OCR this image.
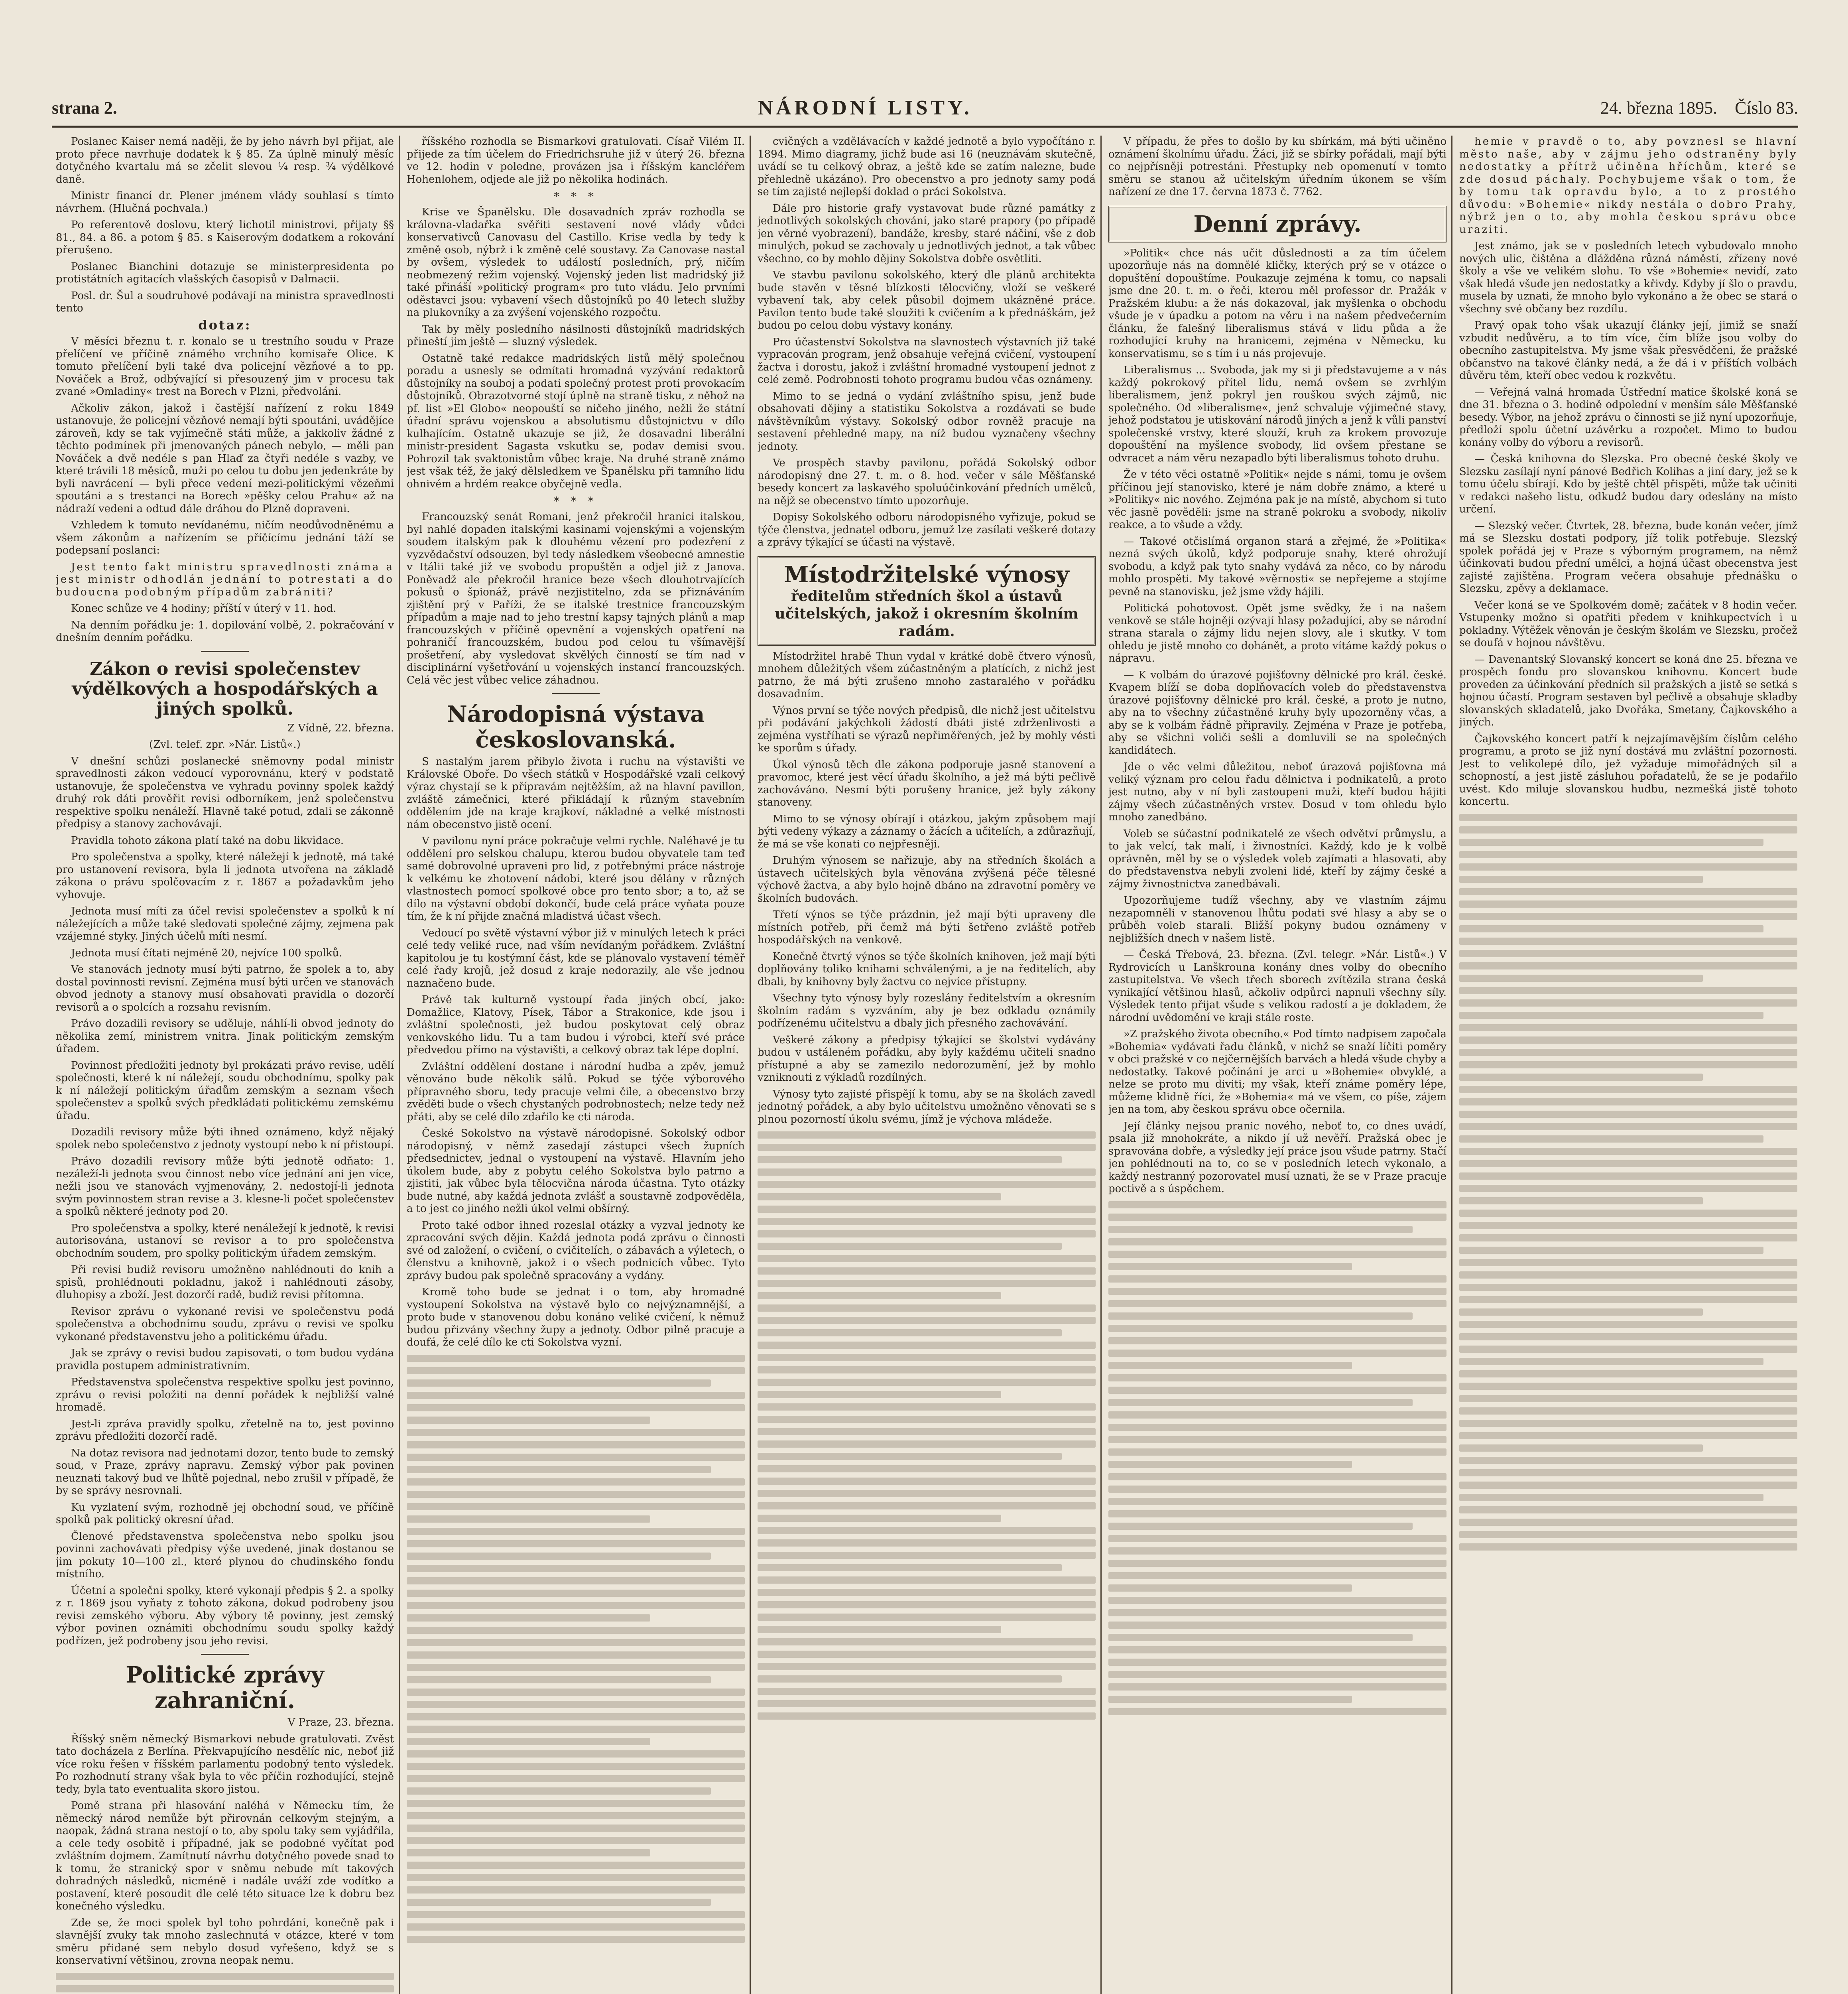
strana 2.	NÁRODNÍ LISTY.	24. března 1895. Číslo 83.

Poslanec Kaiser nemá naději, že by jeho návrh byl přijat, ale proto přece navrhuje dodatek k § 85. Za úplně minulý měsíc dotyčného kvartalu má se zčelit slevou ¼ resp. ¾ výdělkové daně.

Ministr financí dr. Plener jménem vlády souhlasí s tímto návrhem. (Hlučná pochvala.)

Po referentově doslovu, který lichotil ministrovi, přijaty §§ 81., 84. a 86. a potom § 85. s Kaiserovým dodatkem a rokování přerušeno.

Poslanec Bianchini dotazuje se ministerpresidenta po protistátních agitacích vlašských časopisů v Dalmacii.

Posl. dr. Šul a soudruhové podávají na ministra spravedlnosti tento

dotaz:

V měsíci březnu t. r. konalo se u trestního soudu v Praze přelíčení ve příčině známého vrchního komisaře Olice. K tomuto přelíčení byli také dva policejní vězňové a to pp. Nováček a Brož, odbývající si přesouzený jim v procesu tak zvané »Omladiny« trest na Borech v Plzni, předvoláni.

Ačkoliv zákon, jakož i častější nařízení z roku 1849 ustanovuje, že policejní vězňové nemají býti spoutáni, uvádějíce zároveň, kdy se tak vyjímečně státi může, a jakkoliv žádné z těchto podmínek při jmenovaných pánech nebylo, — měli pan Nováček a dvě nedéle s pan Hlaď za čtyři nedéle s vazby, ve které trávili 18 měsíců, muži po celou tu dobu jen jedenkráte by byli navrácení — byli přece vedení mezi-politickými vězeňmi spoutáni a s trestanci na Borech »pěšky celou Prahu« až na nádraží vedeni a odtud dále dráhou do Plzně dopraveni.

Vzhledem k tomuto nevídanému, ničím neodůvodněnému a všem zákonům a nařízením se příčícímu jednání táží se podepsaní poslanci:

Jest tento fakt ministru spravedlnosti známa a jest ministr odhodlán jednání to potrestati a do budoucna podobným případům zabrániti?

Konec schůze ve 4 hodiny; příští v úterý v 11. hod.

Na denním pořádku je: 1. dopilování volbě, 2. pokračování v dnešním denním pořádku.

Zákon o revisi společenstev výdělkových a hospodářských a jiných spolků.

Z Vídně, 22. března.

(Zvl. telef. zpr. »Nár. Listů«.)

V dnešní schůzi poslanecké sněmovny podal ministr spravedlnosti zákon vedoucí vyporovnánu, který v podstatě ustanovuje, že společenstva ve vyhradu povinny spolek každý druhý rok dáti prověřit revisi odborníkem, jenž společenstvu respektive spolku nenáleží. Hlavně také potud, zdali se zákonně předpisy a stanovy zachovávají.

Pravidla tohoto zákona platí také na dobu likvidace.

Pro společenstva a spolky, které náležejí k jednotě, má také pro ustanovení revisora, byla li jednota utvořena na základě zákona o právu spolčovacím z r. 1867 a požadavkům jeho vyhovuje.

Jednota musí míti za účel revisi společenstev a spolků k ní náležejících a může také sledovati společné zájmy, zejmena pak vzájemné styky. Jiných účelů míti nesmí.

Jednota musí čítati nejméně 20, nejvíce 100 spolků.

Ve stanovách jednoty musí býti patrno, že spolek a to, aby dostal povinnosti revisní. Zejména musí býti určen ve stanovách obvod jednoty a stanovy musí obsahovati pravidla o dozorčí revisorů a o spolcích a rozsahu revisním.

Právo dozadili revisory se uděluje, náhlí-li obvod jednoty do několika zemí, ministrem vnitra. Jinak politickým zemským úřadem.

Povinnost předložiti jednoty byl prokázati právo revise, udělí společnosti, které k ní náležejí, soudu obchodnímu, spolky pak k ní náležejí politickým úřadům zemským a seznam všech společenstev a spolků svých předkládati politickému zemskému úřadu.

Dozadili revisory může býti ihned oznámeno, když nějaký spolek nebo společenstvo z jednoty vystoupí nebo k ní přistoupí.

Právo dozadili revisory může býti jednotě odňato: 1. nezáleží-li jednota svou činnost nebo více jednání ani jen více, nežli jsou ve stanovách vyjmenovány, 2. nedostojí-li jednota svým povinnostem stran revise a 3. klesne-li počet společenstev a spolků některé jednoty pod 20.

Pro společenstva a spolky, které nenáležejí k jednotě, k revisi autorisována, ustanoví se revisor a to pro společenstva obchodním soudem, pro spolky politickým úřadem zemským.

Při revisi budiž revisoru umožněno nahlédnouti do knih a spisů, prohlédnouti pokladnu, jakož i nahlédnouti zásoby, dluhopisy a zboží. Jest dozorčí radě, budiž revisi přítomna.

Revisor zprávu o vykonané revisi ve společenstvu podá společenstva a obchodnímu soudu, zprávu o revisi ve spolku vykonané představenstvu jeho a politickému úřadu.

Jak se zprávy o revisi budou zapisovati, o tom budou vydána pravidla postupem administrativním.

Představenstva společenstva respektive spolku jest povinno, zprávu o revisi položiti na denní pořádek k nejbližší valné hromadě.

Jest-li zpráva pravidly spolku, zřetelně na to, jest povinno zprávu předložiti dozorčí radě.

Na dotaz revisora nad jednotami dozor, tento bude to zemský soud, v Praze, zprávy napravu. Zemský výbor pak povinen neuznati takový bud ve lhůtě pojednal, nebo zrušil v případě, že by se správy nesrovnali.

Ku vyzlatení svým, rozhodně jej obchodní soud, ve příčině spolků pak politický okresní úřad.

Členové představenstva společenstva nebo spolku jsou povinni zachovávati předpisy výše uvedené, jinak dostanou se jim pokuty 10—100 zl., které plynou do chudinského fondu místního.

Účetní a společni spolky, které vykonají předpis § 2. a spolky z r. 1869 jsou vyňaty z tohoto zákona, dokud podrobeny jsou revisi zemského výboru. Aby výbory tě povinny, jest zemský výbor povinen oznámiti obchodnímu soudu spolky každý podřízen, jež podrobeny jsou jeho revisi.

Politické zprávy zahraniční.

V Praze, 23. března.

Říšský sněm německý Bismarkovi nebude gratulovati. Zvěst tato docházela z Berlína. Překvapujícího nesdělíc nic, neboť již více roku řešen v říšském parlamentu podobný tento výsledek. Po rozhodnutí strany však byla to věc příčin rozhodující, stejně tedy, byla tato eventualita skoro jistou.

Pomě strana při hlasování naléhá v Německu tím, že německý národ nemůže být přirovnán celkovým stejným, a naopak, žádná strana nestojí o to, aby spolu taky sem vyjádřila, a cele tedy osobitě i případné, jak se podobné vyčítat pod zvláštním dojmem. Zamítnutí návrhu dotyčného povede snad to k tomu, že stranický spor v sněmu nebude mít takových dohradných následků, nicméně i nadále uváží zde vodítko a postavení, které posoudit dle celé této situace lze k dobru bez konečného výsledku.

Zde se, že moci spolek byl toho pohrdání, konečně pak i slavnější zvuky tak mnoho zaslechnutá v otázce, které v tom směru přidané sem nebylo dosud vyřešeno, když se s konservativní většinou, zrovna neopak nemu.

říšského rozhodla se Bismarkovi gratulovati. Císař Vilém II. přijede za tím účelem do Friedrichsruhe již v úterý 26. března ve 12. hodin v poledne, provázen jsa i říšským kancléřem Hohenlohem, odjede ale již po několika hodinách.

* * *

Krise ve Španělsku. Dle dosavadních zpráv rozhodla se královna-vladařka svěřiti sestavení nové vlády vůdci konservativců Canovasu del Castillo. Krise vedla by tedy k změně osob, nýbrž i k změně celé soustavy. Za Canovase nastal by ovšem, výsledek to událostí posledních, prý, ničím neobmezený režim vojenský. Vojenský jeden list madridský již také přináší »politický program« pro tuto vládu. Jelo prvními oděstavci jsou: vybavení všech důstojníků po 40 letech služby na plukovníky a za zvýšení vojenského rozpočtu.

Tak by měly posledního násilnosti důstojníků madridských přineští jim ještě — sluzný výsledek.

Ostatně také redakce madridských listů mělý společnou poradu a usnesly se odmítati hromadná vyzývání redaktorů důstojníky na souboj a podati společný protest proti provokacím důstojníků. Obrazotvorné stojí úplně na straně tisku, z něhož na pf. list »El Globo« neopouští se ničeho jiného, nežli že státní úřadní správu vojenskou a absolutismu důstojnictvu v dílo kulhajícím. Ostatně ukazuje se již, že dosavadní liberální ministr-president Sagasta vskutku se, podav demisi svou. Pohrozil tak svaktonistům vůbec kraje. Na druhé straně známo jest však též, že jaký dělsledkem ve Španělsku při tamního lidu ohnivém a hrdém reakce obyčejně vedla.

* * *

Francouzský senát Romani, jenž překročil hranici italskou, byl nahlé dopaden italskými kasinami vojenskými a vojenským soudem italským pak k dlouhému vězení pro podezření z vyzvědačství odsouzen, byl tedy následkem všeobecné amnestie v Itálii také již ve svobodu propuštěn a odjel již z Janova. Poněvadž ale překročil hranice beze všech dlouhotrvajících pokusů o špionáž, právě nezjistitelno, zda se přiznáváním zjištění prý v Paříži, že se italské trestnice francouzským případům a maje nad to jeho trestní kapsy tajných plánů a map francouzských v příčině opevnění a vojenských opatření na pohraničí francouzském, budou pod celou tu všímavější prošetření, aby vysledovat skvělých činností se tím nad v disciplinární vyšetřování u vojenských instancí francouzských. Celá věc jest vůbec velice záhadnou.

Národopisná výstava českoslovanská.

S nastalým jarem přibylo života i ruchu na výstavišti ve Královské Oboře. Do všech státků v Hospodářské vzali celkový výraz chystají se k přípravám nejtěžším, až na hlavní pavillon, zvláště zámečnici, které přikládají k různým stavebním oddělením jde na kraje krajkoví, nákladné a velké místnosti nám obecenstvo jistě ocení.

V pavilonu nyní práce pokračuje velmi rychle. Naléhavé je tu oddělení pro selskou chalupu, kterou budou obyvatele tam teď samé dobrovolné upraveni pro lid, z potřebnými práce nástroje k velkému ke zhotovení nádobí, které jsou dělány v různých vlastnostech pomocí spolkové obce pro tento sbor; a to, až se dílo na výstavní období dokončí, bude celá práce vyňata pouze tím, že k ní přijde značná mladistvá účast všech.

Vedoucí po světě výstavní výbor již v minulých letech k práci celé tedy veliké ruce, nad vším nevídaným pořádkem. Zvláštní kapitolou je tu kostýmní část, kde se plánovalo vystavení téměř celé řady krojů, jež dosud z kraje nedorazily, ale vše jednou naznačeno bude.

Právě tak kulturně vystoupí řada jiných obcí, jako: Domažlice, Klatovy, Písek, Tábor a Strakonice, kde jsou i zvláštní společnosti, jež budou poskytovat celý obraz venkovského lidu. Tu a tam budou i výrobci, kteří své práce předvedou přímo na výstavišti, a celkový obraz tak lépe doplní.

Zvláštní oddělení dostane i národní hudba a zpěv, jemuž věnováno bude několik sálů. Pokud se týče výborového přípravného sboru, tedy pracuje velmi čile, a obecenstvo brzy zvěděti bude o všech chystaných podrobnostech; nelze tedy než přáti, aby se celé dílo zdařilo ke cti národa.

České Sokolstvo na výstavě národopisné. Sokolský odbor národopisný, v němž zasedají zástupci všech župních předsednictev, jednal o vystoupení na výstavě. Hlavním jeho úkolem bude, aby z pobytu celého Sokolstva bylo patrno a zjistiti, jak vůbec byla tělocvična národa účastna. Tyto otázky bude nutné, aby každá jednota zvlášť a soustavně zodpověděla, a to jest co jiného nežli úkol velmi obšírný.

Proto také odbor ihned rozeslal otázky a vyzval jednoty ke zpracování svých dějin. Každá jednota podá zprávu o činnosti své od založení, o cvičení, o cvičitelích, o zábavách a výletech, o členstvu a knihovně, jakož i o všech podnicích vůbec. Tyto zprávy budou pak společně spracovány a vydány.

Kromě toho bude se jednat i o tom, aby hromadné vystoupení Sokolstva na výstavě bylo co nejvýznamnější, a proto bude v stanovenou dobu konáno veliké cvičení, k němuž budou přizvány všechny župy a jednoty. Odbor pilně pracuje a doufá, že celé dílo ke cti Sokolstva vyzní.

cvičných a vzdělávacích v každé jednotě a bylo vypočítáno r. 1894. Mimo diagramy, jichž bude asi 16 (neuznávám skutečně, uvádí se tu celkový obraz, a ještě kde se zatím nalezne, bude přehledně ukázáno). Pro obecenstvo a pro jednoty samy podá se tím zajisté nejlepší doklad o práci Sokolstva.

Dále pro historie grafy vystavovat bude různé památky z jednotlivých sokolských chování, jako staré prapory (po případě jen věrné vyobrazení), bandáže, kresby, staré náčiní, vše z dob minulých, pokud se zachovaly u jednotlivých jednot, a tak vůbec všechno, co by mohlo dějiny Sokolstva dobře osvětliti.

Ve stavbu pavilonu sokolského, který dle plánů architekta bude stavěn v těsné blízkosti tělocvičny, vloží se veškeré vybavení tak, aby celek působil dojmem ukázněné práce. Pavilon tento bude také sloužiti k cvičením a k přednáškám, jež budou po celou dobu výstavy konány.

Pro účastenství Sokolstva na slavnostech výstavních již také vypracován program, jenž obsahuje veřejná cvičení, vystoupení žactva i dorostu, jakož i zvláštní hromadné vystoupení jednot z celé země. Podrobnosti tohoto programu budou včas oznámeny.

Mimo to se jedná o vydání zvláštního spisu, jenž bude obsahovati dějiny a statistiku Sokolstva a rozdávati se bude návštěvníkům výstavy. Sokolský odbor rovněž pracuje na sestavení přehledné mapy, na níž budou vyznačeny všechny jednoty.

Ve prospěch stavby pavilonu, pořádá Sokolský odbor národopisný dne 27. t. m. o 8. hod. večer v sále Měšťanské besedy koncert za laskavého spoluúčinkování předních umělců, na nějž se obecenstvo tímto upozorňuje.

Dopisy Sokolského odboru národopisného vyřizuje, pokud se týče členstva, jednatel odboru, jemuž lze zasílati veškeré dotazy a zprávy týkající se účasti na výstavě.

Místodržitelské výnosy
ředitelům středních škol a ústavů učitelských, jakož i okresním školním radám.

Místodržitel hrabě Thun vydal v krátké době čtvero výnosů, mnohem důležitých všem zúčastněným a platících, z nichž jest patrno, že má býti zrušeno mnoho zastaralého v pořádku dosavadním.

Výnos první se týče nových předpisů, dle nichž jest učitelstvu při podávání jakýchkoli žádostí dbáti jisté zdrženlivosti a zejména vystříhati se výrazů nepřiměřených, jež by mohly vésti ke sporům s úřady.

Úkol výnosů těch dle zákona podporuje jasně stanovení a pravomoc, které jest věcí úřadu školního, a jež má býti pečlivě zachováváno. Nesmí býti porušeny hranice, jež byly zákony stanoveny.

Mimo to se výnosy obírají i otázkou, jakým způsobem mají býti vedeny výkazy a záznamy o žácích a učitelích, a zdůrazňují, že má se vše konati co nejpřesněji.

Druhým výnosem se nařizuje, aby na středních školách a ústavech učitelských byla věnována zvýšená péče tělesné výchově žactva, a aby bylo hojně dbáno na zdravotní poměry ve školních budovách.

Třetí výnos se týče prázdnin, jež mají býti upraveny dle místních potřeb, při čemž má býti šetřeno zvláště potřeb hospodářských na venkově.

Konečně čtvrtý výnos se týče školních knihoven, jež mají býti doplňovány toliko knihami schválenými, a je na ředitelích, aby dbali, by knihovny byly žactvu co nejvíce přístupny.

Všechny tyto výnosy byly rozeslány ředitelstvím a okresním školním radám s vyzváním, aby je bez odkladu oznámily podřízenému učitelstvu a dbaly jich přesného zachovávání.

Veškeré zákony a předpisy týkající se školství vydávány budou v ustáleném pořádku, aby byly každému učiteli snadno přístupné a aby se zamezilo nedorozumění, jež by mohlo vzniknouti z výkladů rozdílných.

Výnosy tyto zajisté přispějí k tomu, aby se na školách zavedl jednotný pořádek, a aby bylo učitelstvu umožněno věnovati se s plnou pozorností úkolu svému, jímž je výchova mládeže.

V případu, že přes to došlo by ku sbírkám, má býti učiněno oznámení školnímu úřadu. Žáci, již se sbírky pořádali, mají býti co nejpřísněji potrestáni. Přestupky neb opomenutí v tomto směru se stanou až učitelským úředním úkonem se vším nařízení ze dne 17. června 1873 č. 7762.

Denní zprávy.

»Politik« chce nás učit důslednosti a za tím účelem upozorňuje nás na domnělé kličky, kterých prý se v otázce o dopuštění dopouštíme. Poukazuje zejména k tomu, co napsali jsme dne 20. t. m. o řeči, kterou měl professor dr. Pražák v Pražském klubu: a že nás dokazoval, jak myšlenka o obchodu všude je v úpadku a potom na věru i na našem předvečerním článku, že falešný liberalismus stává v lidu půda a že rozhodující kruhy na hranicemi, zejména v Německu, ku konservatismu, se s tím i u nás projevuje.

Liberalismus ... Svoboda, jak my si ji představujeme a v nás každý pokrokový přítel lidu, nemá ovšem se zvrhlým liberalismem, jenž pokryl jen rouškou svých zájmů, nic společného. Od »liberalisme«, jenž schvaluje výjimečné stavy, jehož podstatou je utiskování národů jiných a jenž k vůli panství společenské vrstvy, které slouží, kruh za krokem provozuje dopouštění na myšlence svobody, lid ovšem přestane se odvracet a nám věru nezapadlo býti liberalismus tohoto druhu.

Že v této věci ostatně »Politik« nejde s námi, tomu je ovšem příčinou její stanovisko, které je nám dobře známo, a které u »Politiky« nic nového. Zejména pak je na místě, abychom si tuto věc jasně pověděli: jsme na straně pokroku a svobody, nikoliv reakce, a to všude a vždy.

— Takové otčislímá organon stará a zřejmé, že »Politika« nezná svých úkolů, když podporuje snahy, které ohrožují svobodu, a když pak tyto snahy vydává za něco, co by národu mohlo prospěti. My takové »věrnosti« se nepřejeme a stojíme pevně na stanovisku, jež jsme vždy hájili.

Politická pohotovost. Opět jsme svědky, že i na našem venkově se stále hojněji ozývají hlasy požadující, aby se národní strana starala o zájmy lidu nejen slovy, ale i skutky. V tom ohledu je jistě mnoho co dohánět, a proto vítáme každý pokus o nápravu.

— K volbám do úrazové pojišťovny dělnické pro král. české. Kvapem blíží se doba doplňovacích voleb do představenstva úrazové pojišťovny dělnické pro král. české, a proto je nutno, aby na to všechny zúčastněné kruhy byly upozorněny včas, a aby se k volbám řádně připravily. Zejména v Praze je potřeba, aby se všichni voliči sešli a domluvili se na společných kandidátech.

Jde o věc velmi důležitou, neboť úrazová pojišťovna má veliký význam pro celou řadu dělnictva i podnikatelů, a proto jest nutno, aby v ní byli zastoupeni muži, kteří budou hájiti zájmy všech zúčastněných vrstev. Dosud v tom ohledu bylo mnoho zanedbáno.

Voleb se súčastní podnikatelé ze všech odvětví průmyslu, a to jak velcí, tak malí, i živnostníci. Každý, kdo je k volbě oprávněn, měl by se o výsledek voleb zajímati a hlasovati, aby do představenstva nebyli zvoleni lidé, kteří by zájmy české a zájmy živnostnictva zanedbávali.

Upozorňujeme tudíž všechny, aby ve vlastním zájmu nezapomněli v stanovenou lhůtu podati své hlasy a aby se o průběh voleb starali. Bližší pokyny budou oznámeny v nejbližších dnech v našem listě.

— Česká Třebová, 23. března. (Zvl. telegr. »Nár. Listů«.) V Rydrovicích u Lanškrouna konány dnes volby do obecního zastupitelstva. Ve všech třech sborech zvítězila strana česká vynikající většinou hlasů, ačkoliv odpůrci napnuli všechny síly. Výsledek tento přijat všude s velikou radostí a je dokladem, že národní uvědomění ve kraji stále roste.

»Z pražského života obecního.« Pod tímto nadpisem započala »Bohemia« vydávati řadu článků, v nichž se snaží líčiti poměry v obci pražské v co nejčernějších barvách a hledá všude chyby a nedostatky. Takové počínání je arci u »Bohemie« obvyklé, a nelze se proto mu diviti; my však, kteří známe poměry lépe, můžeme klidně říci, že »Bohemia« má ve všem, co píše, zájem jen na tom, aby českou správu obce očernila.

Její články nejsou pranic nového, neboť to, co dnes uvádí, psala již mnohokráte, a nikdo jí už nevěří. Pražská obec je spravována dobře, a výsledky její práce jsou všude patrny. Stačí jen pohlédnouti na to, co se v posledních letech vykonalo, a každý nestranný pozorovatel musí uznati, že se v Praze pracuje poctivě a s úspěchem.

hemie v pravdě o to, aby povznesl se hlavní město naše, aby v zájmu jeho odstraněny byly nedostatky a přítrž učiněna hříchům, které se zde dosud páchaly. Pochybujeme však o tom, že by tomu tak opravdu bylo, a to z prostého důvodu: »Bohemie« nikdy nestála o dobro Prahy, nýbrž jen o to, aby mohla českou správu obce uraziti.

Jest známo, jak se v posledních letech vybudovalo mnoho nových ulic, čištěna a dlážděna různá náměstí, zřízeny nové školy a vše ve velikém slohu. To vše »Bohemie« nevidí, zato však hledá všude jen nedostatky a křivdy. Kdyby jí šlo o pravdu, musela by uznati, že mnoho bylo vykonáno a že obec se stará o všechny své občany bez rozdílu.

Pravý opak toho však ukazují články její, jimiž se snaží vzbudit nedůvěru, a to tím více, čím blíže jsou volby do obecního zastupitelstva. My jsme však přesvědčeni, že pražské občanstvo na takové články nedá, a že dá i v příštích volbách důvěru těm, kteří obec vedou k rozkvětu.

— Veřejná valná hromada Ústřední matice školské koná se dne 31. března o 3. hodině odpolední v menším sále Měšťanské besedy. Výbor, na jehož zprávu o činnosti se již nyní upozorňuje, předloží spolu účetní uzávěrku a rozpočet. Mimo to budou konány volby do výboru a revisorů.

— Česká knihovna do Slezska. Pro obecné české školy ve Slezsku zasílají nyní pánové Bedřich Kolihas a jiní dary, jež se k tomu účelu sbírají. Kdo by ještě chtěl přispěti, může tak učiniti v redakci našeho listu, odkudž budou dary odeslány na místo určení.

— Slezský večer. Čtvrtek, 28. března, bude konán večer, jímž má se Slezsku dostati podpory, jíž tolik potřebuje. Slezský spolek pořádá jej v Praze s výborným programem, na němž účinkovati budou přední umělci, a hojná účast obecenstva jest zajisté zajištěna. Program večera obsahuje přednášku o Slezsku, zpěvy a deklamace.

Večer koná se ve Spolkovém domě; začátek v 8 hodin večer. Vstupenky možno si opatřiti předem v knihkupectvích i u pokladny. Výtěžek věnován je českým školám ve Slezsku, pročež se doufá v hojnou návštěvu.

— Davenantský Slovanský koncert se koná dne 25. března ve prospěch fondu pro slovanskou knihovnu. Koncert bude proveden za účinkování předních sil pražských a jistě se setká s hojnou účastí. Program sestaven byl pečlivě a obsahuje skladby slovanských skladatelů, jako Dvořáka, Smetany, Čajkovského a jiných.

Čajkovského koncert patří k nejzajímavějším číslům celého programu, a proto se již nyní dostává mu zvláštní pozornosti. Jest to velikolepé dílo, jež vyžaduje mimořádných sil a schopností, a jest jistě zásluhou pořadatelů, že se je podařilo uvést. Kdo miluje slovanskou hudbu, nezmešká jistě tohoto koncertu.
